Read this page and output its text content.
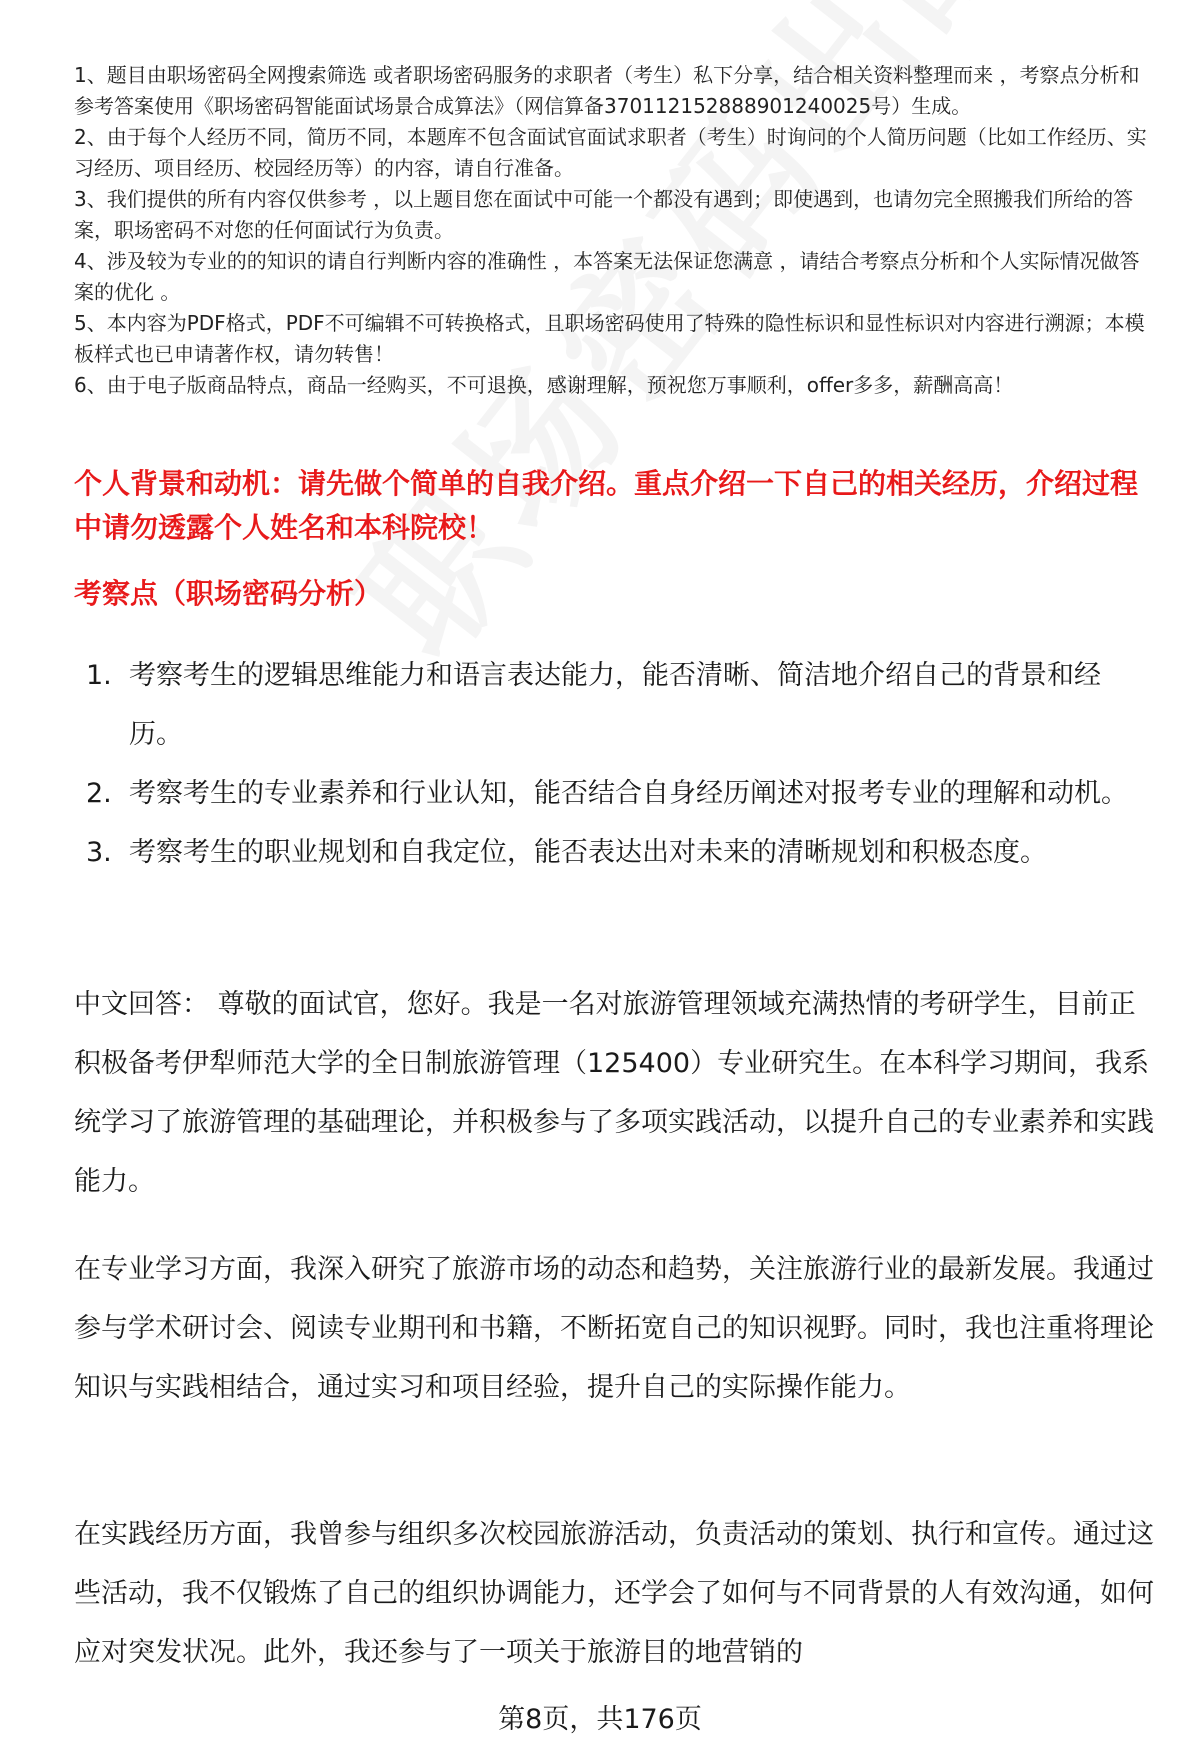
1、题目由职场密码全网搜索筛选 或者职场密码服务的求职者（考生）私下分享，结合相关资料整理而来 ，考察点分析和参考答案使用《职场密码智能面试场景合成算法》（网信算备370112152888901240025号）生成。

2、由于每个人经历不同，简历不同，本题库不包含面试官面试求职者（考生）时询问的个人简历问题（比如工作经历、实习经历、项目经历、校园经历等）的内容，请自行准备。

3、我们提供的所有内容仅供参考 ，以上题目您在面试中可能一个都没有遇到；即使遇到，也请勿完全照搬我们所给的答案，职场密码不对您的任何面试行为负责。

4、涉及较为专业的的知识的请自行判断内容的准确性 ，本答案无法保证您满意 ，请结合考察点分析和个人实际情况做答案的优化 。

5、本内容为PDF格式，PDF不可编辑不可转换格式，且职场密码使用了特殊的隐性标识和显性标识对内容进行溯源；本模板样式也已申请著作权，请勿转售！

6、由于电子版商品特点，商品一经购买，不可退换，感谢理解，预祝您万事顺利，offer多多，薪酬高高！

个人背景和动机：请先做个简单的自我介绍。重点介绍一下自己的相关经历，介绍过程中请勿透露个人姓名和本科院校！

考察点（职场密码分析）

1. 考察考生的逻辑思维能力和语言表达能力，能否清晰、简洁地介绍自己的背景和经历。
2. 考察考生的专业素养和行业认知，能否结合自身经历阐述对报考专业的理解和动机。
3. 考察考生的职业规划和自我定位，能否表达出对未来的清晰规划和积极态度。

中文回答： 尊敬的面试官，您好。我是一名对旅游管理领域充满热情的考研学生，目前正积极备考伊犁师范大学的全日制旅游管理（125400）专业研究生。在本科学习期间，我系统学习了旅游管理的基础理论，并积极参与了多项实践活动，以提升自己的专业素养和实践能力。

在专业学习方面，我深入研究了旅游市场的动态和趋势，关注旅游行业的最新发展。我通过参与学术研讨会、阅读专业期刊和书籍，不断拓宽自己的知识视野。同时，我也注重将理论知识与实践相结合，通过实习和项目经验，提升自己的实际操作能力。

在实践经历方面，我曾参与组织多次校园旅游活动，负责活动的策划、执行和宣传。通过这些活动，我不仅锻炼了自己的组织协调能力，还学会了如何与不同背景的人有效沟通，如何应对突发状况。此外，我还参与了一项关于旅游目的地营销的

第8页，共176页
